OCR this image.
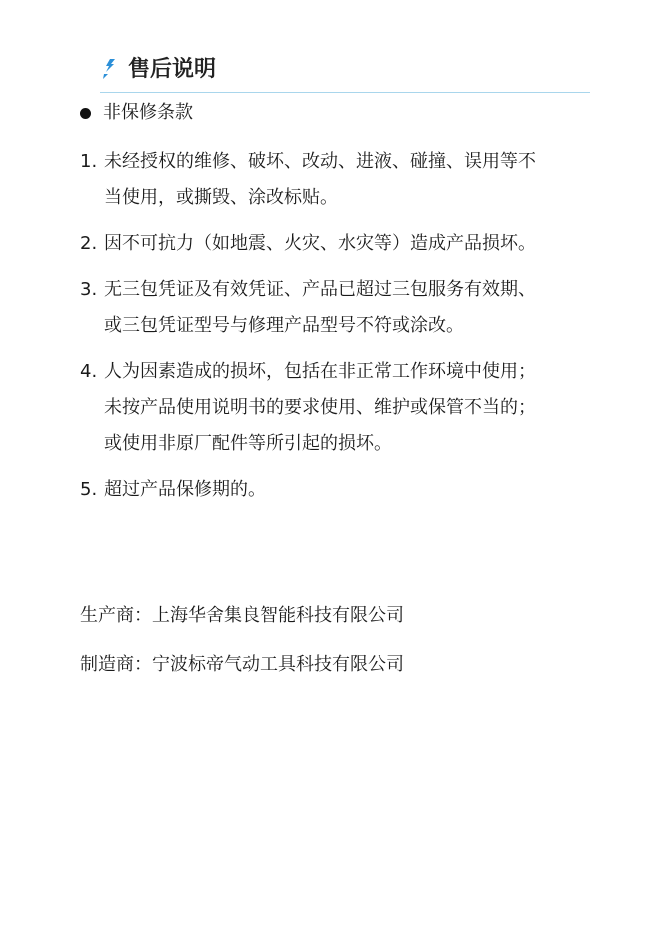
售后说明
非保修条款
1. 未经授权的维修、破坏、改动、进液、碰撞、误用等不
当使用，或撕毁、涂改标贴。
2. 因不可抗力（如地震、火灾、水灾等）造成产品损坏。
3. 无三包凭证及有效凭证、产品已超过三包服务有效期、
或三包凭证型号与修理产品型号不符或涂改。
4. 人为因素造成的损坏，包括在非正常工作环境中使用；
未按产品使用说明书的要求使用、维护或保管不当的；
或使用非原厂配件等所引起的损坏。
5. 超过产品保修期的。
生产商：上海华舍集良智能科技有限公司
制造商：宁波标帝气动工具科技有限公司
